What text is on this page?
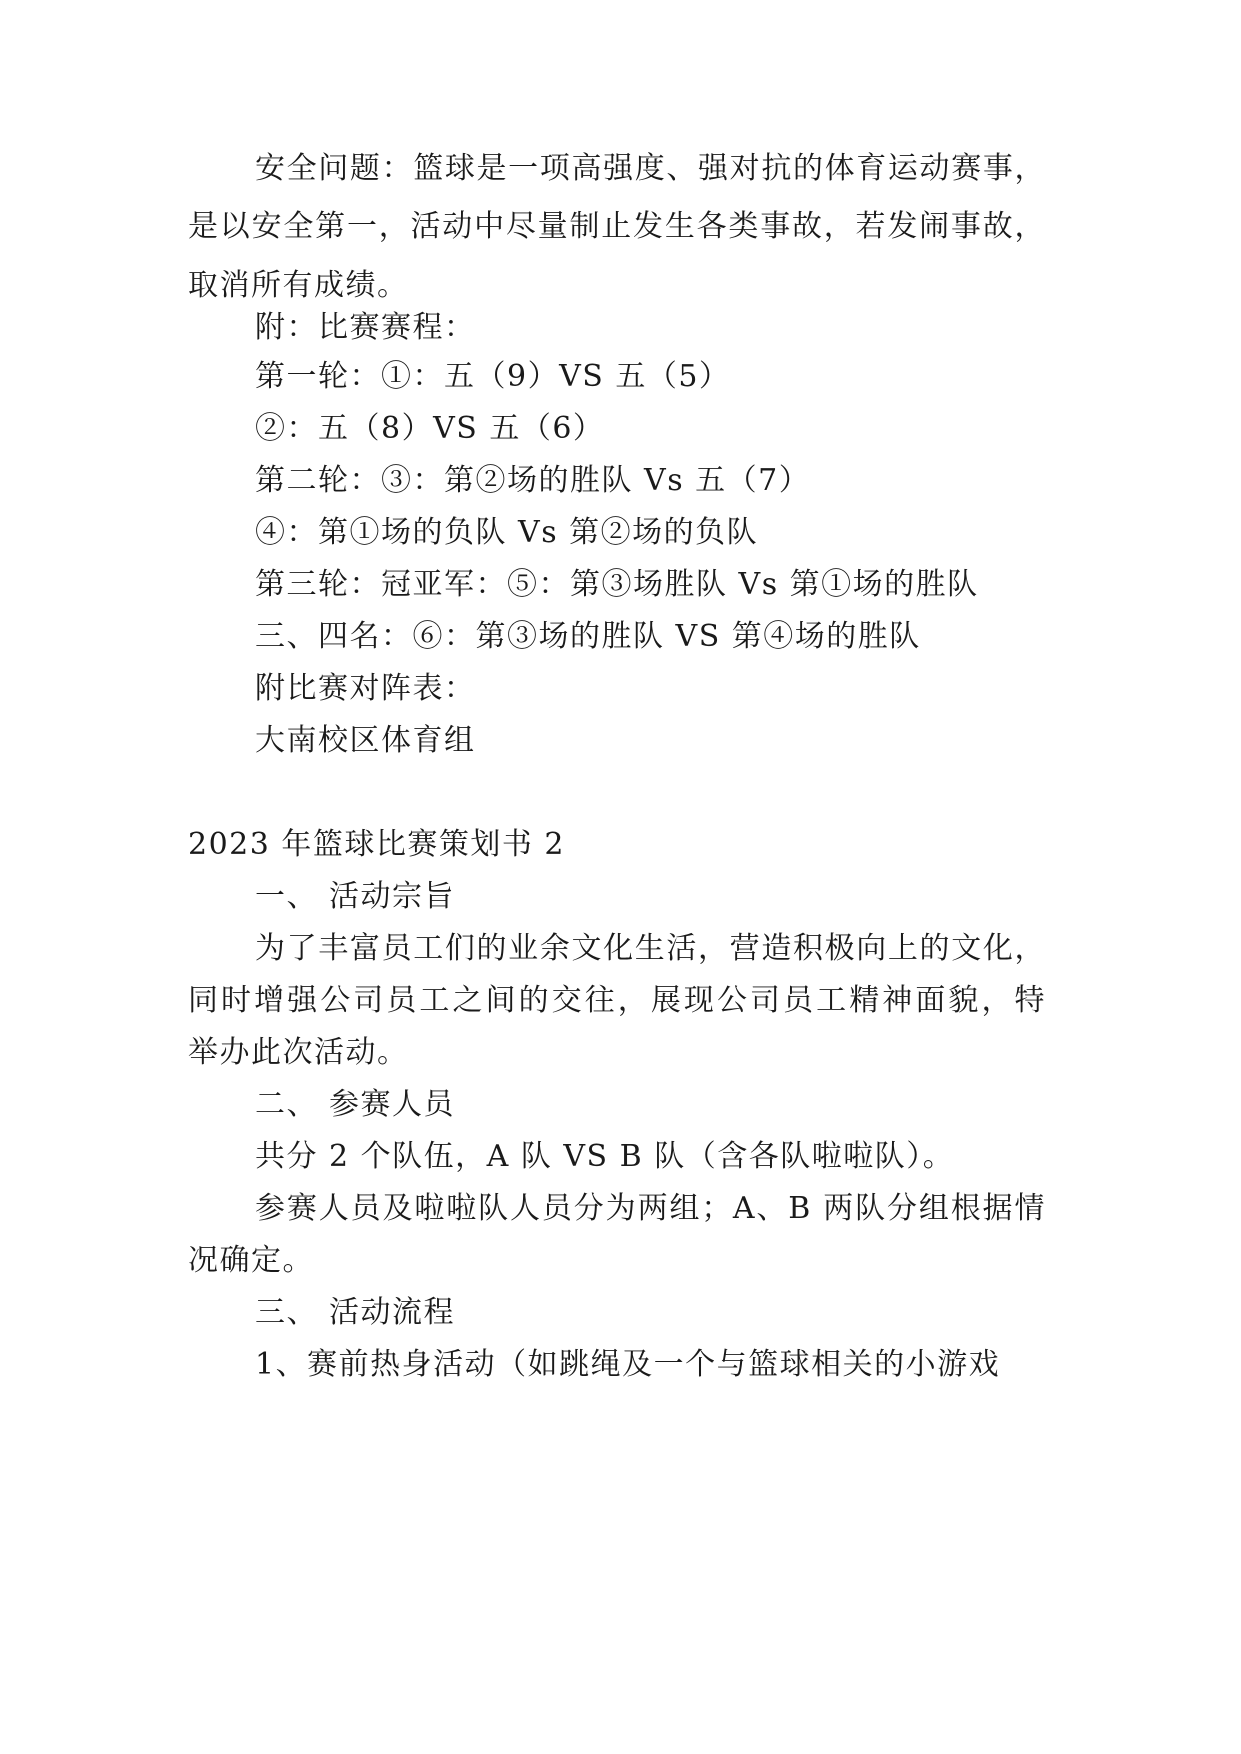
安全问题：篮球是一项高强度、强对抗的体育运动赛事，
是以安全第一，活动中尽量制止发生各类事故，若发闹事故，
取消所有成绩。
附：比赛赛程：
第一轮：①：五（9）VS 五（5）
②：五（8）VS 五（6）
第二轮：③：第②场的胜队 Vs 五（7）
④：第①场的负队 Vs 第②场的负队
第三轮：冠亚军：⑤：第③场胜队 Vs 第①场的胜队
三、四名：⑥：第③场的胜队 VS 第④场的胜队
附比赛对阵表：
大南校区体育组
2023 年篮球比赛策划书 2
一、 活动宗旨
为了丰富员工们的业余文化生活，营造积极向上的文化，
同时增强公司员工之间的交往，展现公司员工精神面貌，特
举办此次活动。
二、 参赛人员
共分 2 个队伍，A 队 VS B 队（含各队啦啦队）。
参赛人员及啦啦队人员分为两组；A、B 两队分组根据情
况确定。
三、 活动流程
1、赛前热身活动（如跳绳及一个与篮球相关的小游戏
